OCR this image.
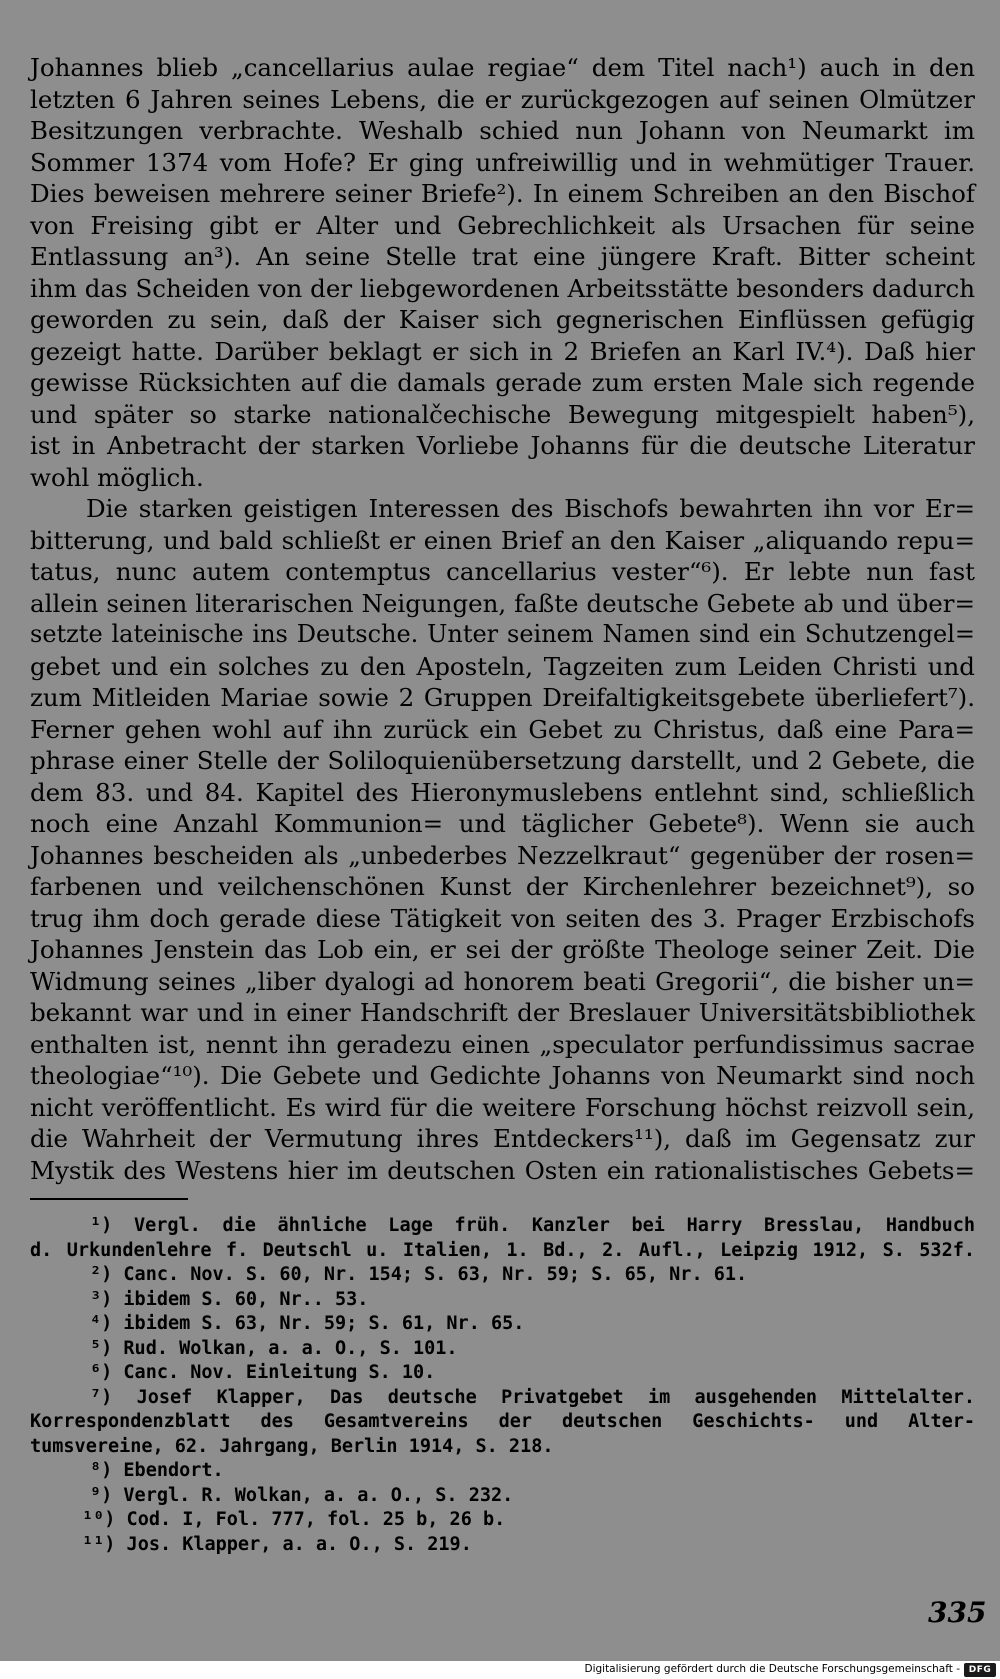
Johannes blieb „cancellarius aulae regiae“ dem Titel nach¹) auch in den
letzten 6 Jahren seines Lebens, die er zurückgezogen auf seinen Olmützer
Besitzungen verbrachte. Weshalb schied nun Johann von Neumarkt im
Sommer 1374 vom Hofe? Er ging unfreiwillig und in wehmütiger Trauer.
Dies beweisen mehrere seiner Briefe²). In einem Schreiben an den Bischof
von Freising gibt er Alter und Gebrechlichkeit als Ursachen für seine
Entlassung an³). An seine Stelle trat eine jüngere Kraft. Bitter scheint
ihm das Scheiden von der liebgewordenen Arbeitsstätte besonders dadurch
geworden zu sein, daß der Kaiser sich gegnerischen Einflüssen gefügig
gezeigt hatte. Darüber beklagt er sich in 2 Briefen an Karl IV.⁴). Daß hier
gewisse Rücksichten auf die damals gerade zum ersten Male sich regende
und später so starke nationalčechische Bewegung mitgespielt haben⁵),
ist in Anbetracht der starken Vorliebe Johanns für die deutsche Literatur
wohl möglich.
Die starken geistigen Interessen des Bischofs bewahrten ihn vor Er=
bitterung, und bald schließt er einen Brief an den Kaiser „aliquando repu=
tatus, nunc autem contemptus cancellarius vester“⁶). Er lebte nun fast
allein seinen literarischen Neigungen, faßte deutsche Gebete ab und über=
setzte lateinische ins Deutsche. Unter seinem Namen sind ein Schutzengel=
gebet und ein solches zu den Aposteln, Tagzeiten zum Leiden Christi und
zum Mitleiden Mariae sowie 2 Gruppen Dreifaltigkeitsgebete überliefert⁷).
Ferner gehen wohl auf ihn zurück ein Gebet zu Christus, daß eine Para=
phrase einer Stelle der Soliloquienübersetzung darstellt, und 2 Gebete, die
dem 83. und 84. Kapitel des Hieronymuslebens entlehnt sind, schließlich
noch eine Anzahl Kommunion= und täglicher Gebete⁸). Wenn sie auch
Johannes bescheiden als „unbederbes Nezzelkraut“ gegenüber der rosen=
farbenen und veilchenschönen Kunst der Kirchenlehrer bezeichnet⁹), so
trug ihm doch gerade diese Tätigkeit von seiten des 3. Prager Erzbischofs
Johannes Jenstein das Lob ein, er sei der größte Theologe seiner Zeit. Die
Widmung seines „liber dyalogi ad honorem beati Gregorii“, die bisher un=
bekannt war und in einer Handschrift der Breslauer Universitätsbibliothek
enthalten ist, nennt ihn geradezu einen „speculator perfundissimus sacrae
theologiae“¹⁰). Die Gebete und Gedichte Johanns von Neumarkt sind noch
nicht veröffentlicht. Es wird für die weitere Forschung höchst reizvoll sein,
die Wahrheit der Vermutung ihres Entdeckers¹¹), daß im Gegensatz zur
Mystik des Westens hier im deutschen Osten ein rationalistisches Gebets=
¹) Vergl. die ähnliche Lage früh. Kanzler bei Harry Bresslau, Handbuch
d. Urkundenlehre f. Deutschl u. Italien, 1. Bd., 2. Aufl., Leipzig 1912, S. 532f.
²) Canc. Nov. S. 60, Nr. 154; S. 63, Nr. 59; S. 65, Nr. 61.
³) ibidem S. 60, Nr.. 53.
⁴) ibidem S. 63, Nr. 59; S. 61, Nr. 65.
⁵) Rud. Wolkan, a. a. O., S. 101.
⁶) Canc. Nov. Einleitung S. 10.
⁷) Josef Klapper, Das deutsche Privatgebet im ausgehenden Mittelalter.
Korrespondenzblatt des Gesamtvereins der deutschen Geschichts- und Alter-
tumsvereine, 62. Jahrgang, Berlin 1914, S. 218.
⁸) Ebendort.
⁹) Vergl. R. Wolkan, a. a. O., S. 232.
¹⁰) Cod. I, Fol. 777, fol. 25 b, 26 b.
¹¹) Jos. Klapper, a. a. O., S. 219.
335
Digitalisierung gefördert durch die Deutsche Forschungsgemeinschaft - DFG
